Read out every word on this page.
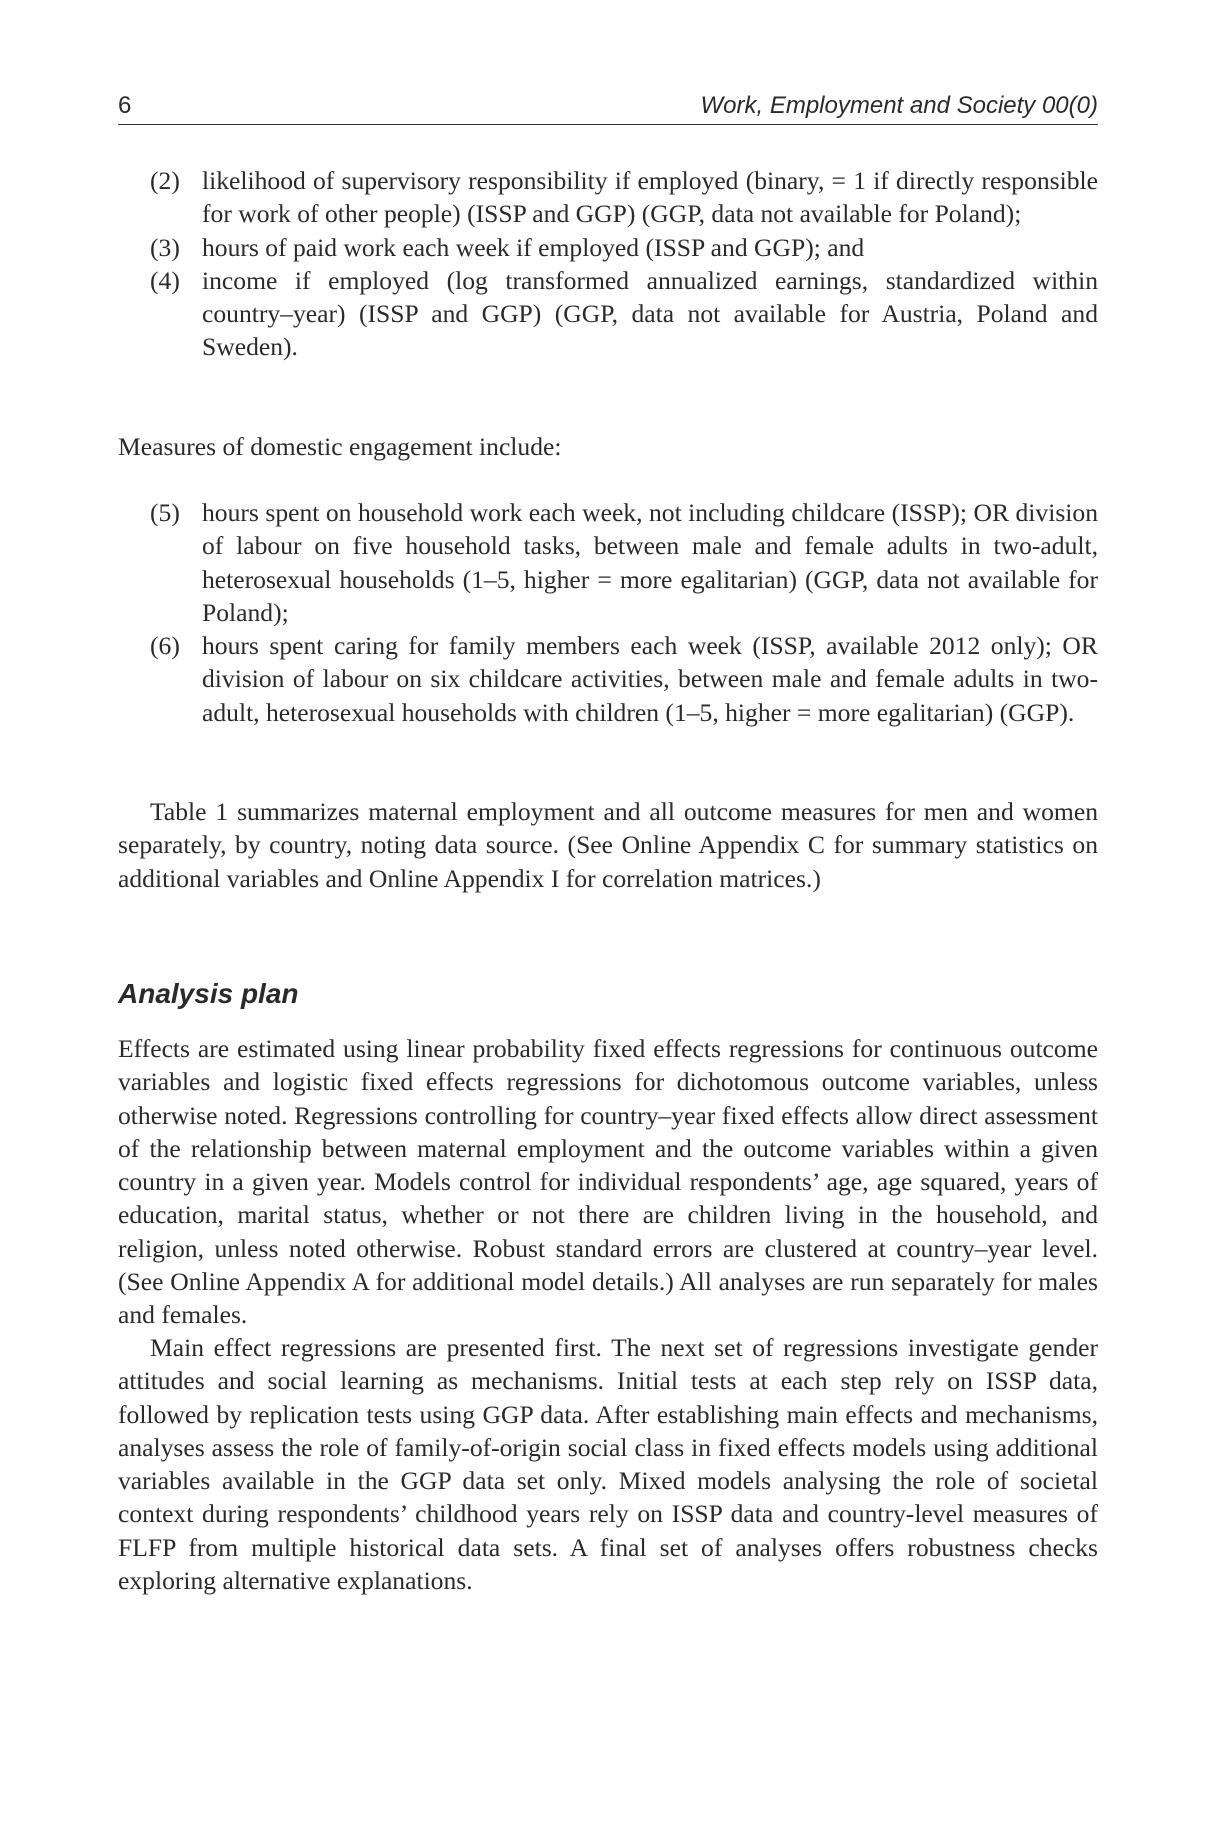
6	Work, Employment and Society 00(0)
(2) likelihood of supervisory responsibility if employed (binary, = 1 if directly responsible for work of other people) (ISSP and GGP) (GGP, data not available for Poland);
(3) hours of paid work each week if employed (ISSP and GGP); and
(4) income if employed (log transformed annualized earnings, standardized within country–year) (ISSP and GGP) (GGP, data not available for Austria, Poland and Sweden).

Measures of domestic engagement include:

(5) hours spent on household work each week, not including childcare (ISSP); OR division of labour on five household tasks, between male and female adults in two-adult, heterosexual households (1–5, higher = more egalitarian) (GGP, data not available for Poland);
(6) hours spent caring for family members each week (ISSP, available 2012 only); OR division of labour on six childcare activities, between male and female adults in two-adult, heterosexual households with children (1–5, higher = more egalitarian) (GGP).

Table 1 summarizes maternal employment and all outcome measures for men and women separately, by country, noting data source. (See Online Appendix C for summary statistics on additional variables and Online Appendix I for correlation matrices.)

Analysis plan

Effects are estimated using linear probability fixed effects regressions for continuous outcome variables and logistic fixed effects regressions for dichotomous outcome variables, unless otherwise noted. Regressions controlling for country–year fixed effects allow direct assessment of the relationship between maternal employment and the outcome variables within a given country in a given year. Models control for individual respondents’ age, age squared, years of education, marital status, whether or not there are children living in the household, and religion, unless noted otherwise. Robust standard errors are clustered at country–year level. (See Online Appendix A for additional model details.) All analyses are run separately for males and females.

Main effect regressions are presented first. The next set of regressions investigate gender attitudes and social learning as mechanisms. Initial tests at each step rely on ISSP data, followed by replication tests using GGP data. After establishing main effects and mechanisms, analyses assess the role of family-of-origin social class in fixed effects models using additional variables available in the GGP data set only. Mixed models analysing the role of societal context during respondents’ childhood years rely on ISSP data and country-level measures of FLFP from multiple historical data sets. A final set of analyses offers robustness checks exploring alternative explanations.
